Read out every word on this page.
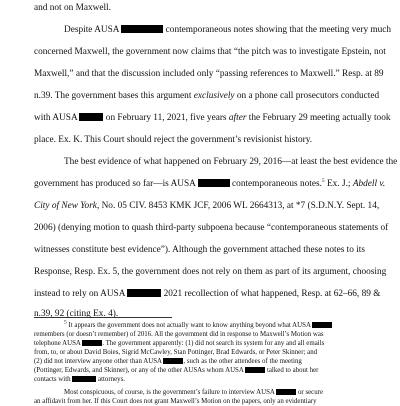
and not on Maxwell.
Despite AUSA	contemporaneous notes showing that the meeting very much
concerned Maxwell, the government now claims that “the pitch was to investigate Epstein, not
Maxwell,” and that the discussion included only “passing references to Maxwell.” Resp. at 89
n.39. The government bases this argument exclusively on a phone call prosecutors conducted
with AUSA	on February 11, 2021, five years after the February 29 meeting actually took
place. Ex. K. This Court should reject the government’s revisionist history.
The best evidence of what happened on February 29, 2016—at least the best evidence the
government has produced so far—is AUSA	contemporaneous notes.$^5$ Ex. J.; Abdell v.
City of New York, No. 05 CIV. 8453 KMK JCF, 2006 WL 2664313, at *7 (S.D.N.Y. Sept. 14,
2006) (denying motion to quash third-party subpoena because “contemporaneous statements of
witnesses constitute best evidence”). Although the government attached these notes to its
Response, Resp. Ex. 5, the government does not rely on them as part of its argument, choosing
instead to rely on AUSA	2021 recollection of what happened, Resp. at 62–66, 89 &
n.39, 92 (citing Ex. 4).
$^5$ It appears the government does not actually want to know anything beyond what AUSA
remembers (or doesn’t remember) of 2016. All the government did in response to Maxwell’s Motion was
telephone AUSA	. The government apparently: (1) did not search its system for any and all emails
from, to, or about David Boies, Sigrid McCawley, Stan Pottinger, Brad Edwards, or Peter Skinner; and
(2) did not interview anyone other than AUSA	, such as the other attendees of the meeting
(Pottinger, Edwards, and Skinner), or any of the other AUSAs whom AUSA	talked to about her
contacts with	attorneys.
Most conspicuous, of course, is the government’s failure to interview AUSA	or secure
an affidavit from her. If this Court does not grant Maxwell’s Motion on the papers, only an evidentiary
